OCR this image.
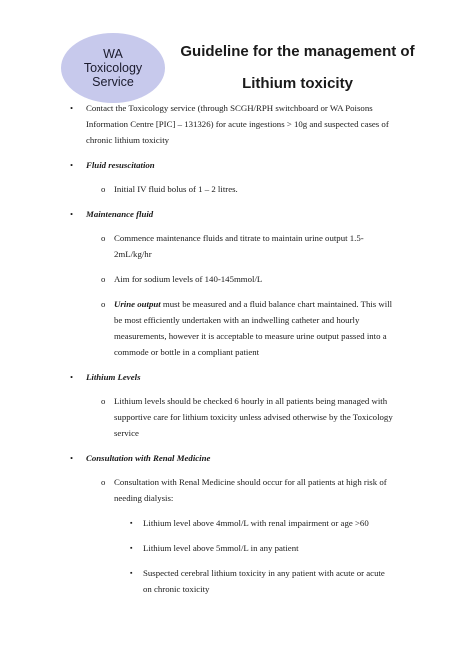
WA
Toxicology
Service
Guideline for the management of
Lithium toxicity
• Contact the Toxicology service (through SCGH/RPH switchboard or WA Poisons Information Centre [PIC] – 131326) for acute ingestions > 10g and suspected cases of chronic lithium toxicity
• Fluid resuscitation
o Initial IV fluid bolus of 1 – 2 litres.
• Maintenance fluid
o Commence maintenance fluids and titrate to maintain urine output 1.5-2mL/kg/hr
o Aim for sodium levels of 140-145mmol/L
o Urine output must be measured and a fluid balance chart maintained. This will be most efficiently undertaken with an indwelling catheter and hourly measurements, however it is acceptable to measure urine output passed into a commode or bottle in a compliant patient
• Lithium Levels
o Lithium levels should be checked 6 hourly in all patients being managed with supportive care for lithium toxicity unless advised otherwise by the Toxicology service
• Consultation with Renal Medicine
o Consultation with Renal Medicine should occur for all patients at high risk of needing dialysis:
▪ Lithium level above 4mmol/L with renal impairment or age >60
▪ Lithium level above 5mmol/L in any patient
▪ Suspected cerebral lithium toxicity in any patient with acute or acute on chronic toxicity
